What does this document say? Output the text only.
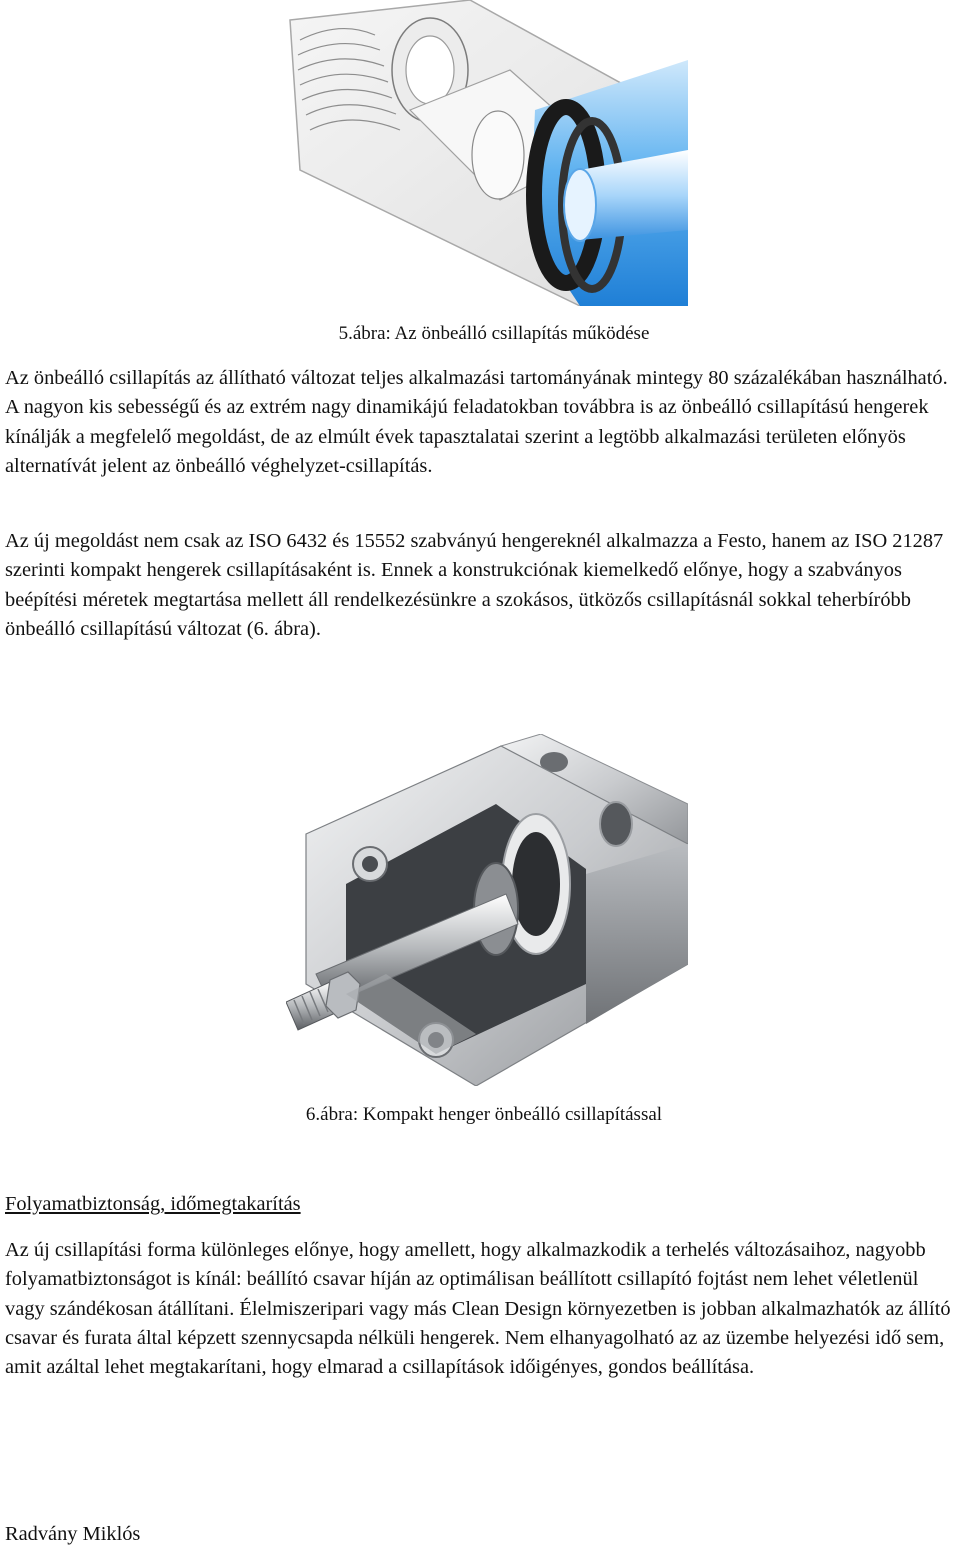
5.ábra: Az önbeálló csillapítás működése

Az önbeálló csillapítás az állítható változat teljes alkalmazási tartományának mintegy 80 százalékában használható. A nagyon kis sebességű és az extrém nagy dinamikájú feladatokban továbbra is az önbeálló csillapítású hengerek kínálják a megfelelő megoldást, de az elmúlt évek tapasztalatai szerint a legtöbb alkalmazási területen előnyös alternatívát jelent az önbeálló véghelyzet-csillapítás.

Az új megoldást nem csak az ISO 6432 és 15552 szabványú hengereknél alkalmazza a Festo, hanem az ISO 21287 szerinti kompakt hengerek csillapításaként is. Ennek a konstrukciónak kiemelkedő előnye, hogy a szabványos beépítési méretek megtartása mellett áll rendelkezésünkre a szokásos, ütközős csillapításnál sokkal teherbíróbb önbeálló csillapítású változat (6. ábra).

6.ábra: Kompakt henger önbeálló csillapítással
Folyamatbiztonság, időmegtakarítás

Az új csillapítási forma különleges előnye, hogy amellett, hogy alkalmazkodik a terhelés változásaihoz, nagyobb folyamatbiztonságot is kínál: beállító csavar híján az optimálisan beállított csillapító fojtást nem lehet véletlenül vagy szándékosan átállítani. Élelmiszeripari vagy más Clean Design környezetben is jobban alkalmazhatók az állító csavar és furata által képzett szennycsapda nélküli hengerek. Nem elhanyagolható az az üzembe helyezési idő sem, amit azáltal lehet megtakarítani, hogy elmarad a csillapítások időigényes, gondos beállítása.

Radvány Miklós
